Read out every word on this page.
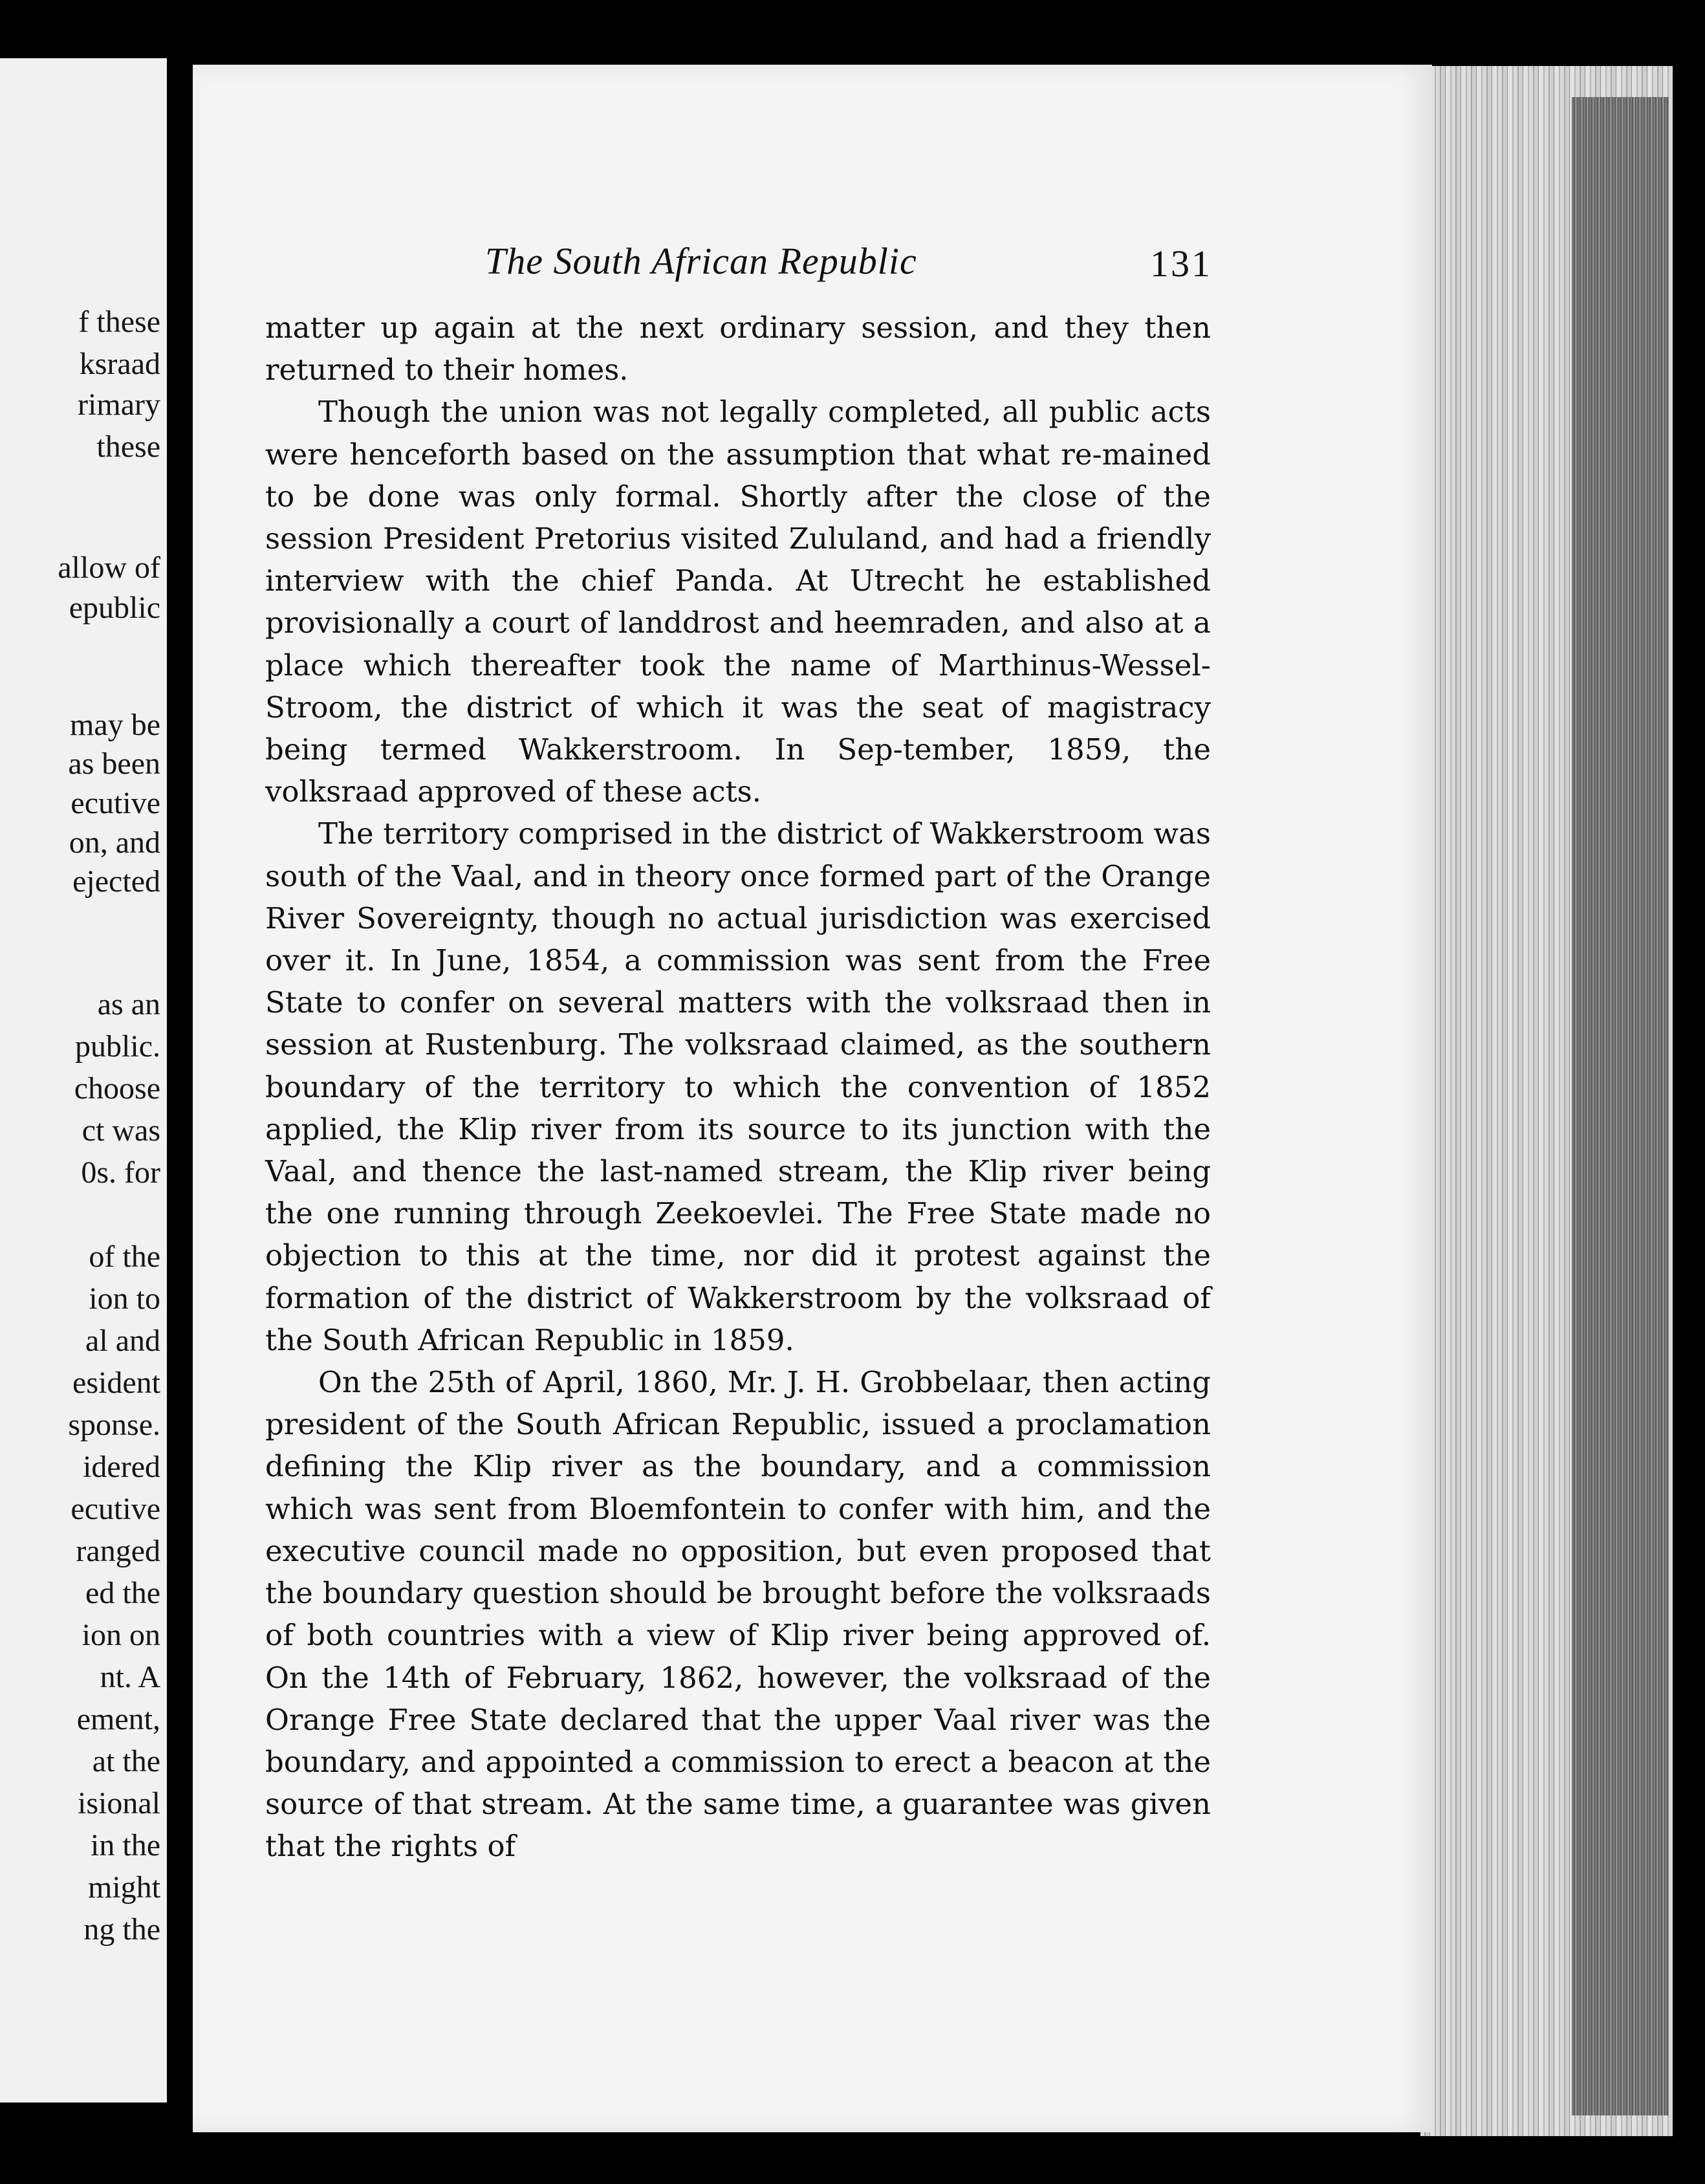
f these
ksraad
rimary
these
allow of
epublic
may be
as been
ecutive
on, and
ejected
as an
public.
choose
ct was
0s. for
of the
ion to
al and
esident
sponse.
idered
ecutive
ranged
ed the
ion on
nt. A
ement,
at the
isional
in the
might
ng the
The South African Republic	131

matter up again at the next ordinary session, and they then returned to their homes.

Though the union was not legally completed, all public acts were henceforth based on the assumption that what re-mained to be done was only formal. Shortly after the close of the session President Pretorius visited Zululand, and had a friendly interview with the chief Panda. At Utrecht he established provisionally a court of landdrost and heemraden, and also at a place which thereafter took the name of Marthinus-Wessel-Stroom, the district of which it was the seat of magistracy being termed Wakkerstroom. In Sep-tember, 1859, the volksraad approved of these acts.

The territory comprised in the district of Wakkerstroom was south of the Vaal, and in theory once formed part of the Orange River Sovereignty, though no actual jurisdiction was exercised over it. In June, 1854, a commission was sent from the Free State to confer on several matters with the volksraad then in session at Rustenburg. The volksraad claimed, as the southern boundary of the territory to which the convention of 1852 applied, the Klip river from its source to its junction with the Vaal, and thence the last-named stream, the Klip river being the one running through Zeekoevlei. The Free State made no objection to this at the time, nor did it protest against the formation of the district of Wakkerstroom by the volksraad of the South African Republic in 1859.

On the 25th of April, 1860, Mr. J. H. Grobbelaar, then acting president of the South African Republic, issued a proclamation defining the Klip river as the boundary, and a commission which was sent from Bloemfontein to confer with him, and the executive council made no opposition, but even proposed that the boundary question should be brought before the volksraads of both countries with a view of Klip river being approved of. On the 14th of February, 1862, however, the volksraad of the Orange Free State declared that the upper Vaal river was the boundary, and appointed a commission to erect a beacon at the source of that stream. At the same time, a guarantee was given that the rights of
